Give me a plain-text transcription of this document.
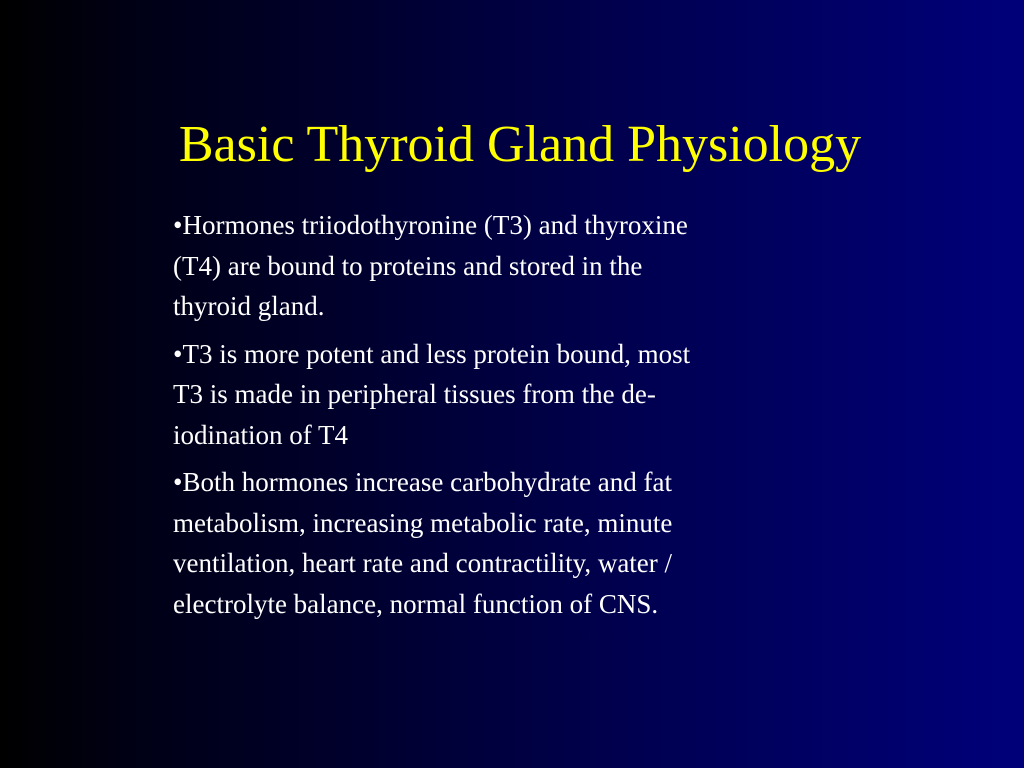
Basic Thyroid Gland Physiology
•Hormones triiodothyronine (T3) and thyroxine
(T4) are bound to proteins and stored in the
thyroid gland.
•T3 is more potent and less protein bound, most
T3 is made in peripheral tissues from the de-
iodination of T4
•Both hormones increase carbohydrate and fat
metabolism, increasing metabolic rate, minute
ventilation, heart rate and contractility, water /
electrolyte balance, normal function of CNS.
